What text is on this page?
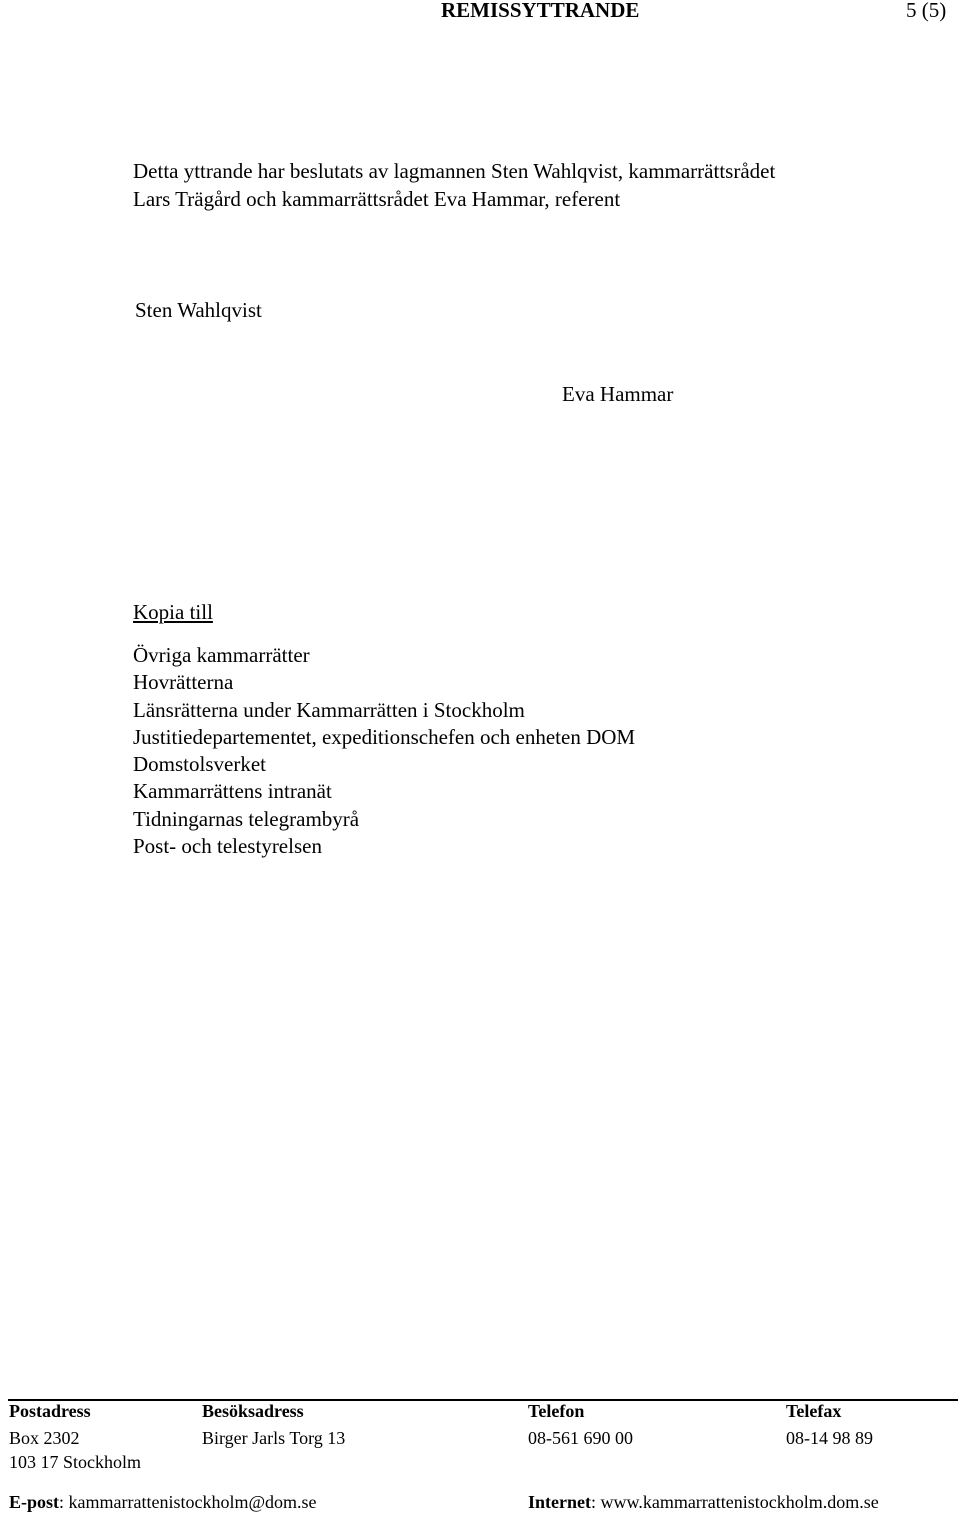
REMISSYTTRANDE	5 (5)
Detta yttrande har beslutats av lagmannen Sten Wahlqvist, kammarrättsrådet
Lars Trägård och kammarrättsrådet Eva Hammar, referent
Sten Wahlqvist
Eva Hammar
Kopia till
Övriga kammarrätter
Hovrätterna
Länsrätterna under Kammarrätten i Stockholm
Justitiedepartementet, expeditionschefen och enheten DOM
Domstolsverket
Kammarrättens intranät
Tidningarnas telegrambyrå
Post- och telestyrelsen
Postadress	Besöksadress	Telefon	Telefax
Box 2302	Birger Jarls Torg 13	08-561 690 00	08-14 98 89
103 17 Stockholm
E-post: kammarrattenistockholm@dom.se	Internet: www.kammarrattenistockholm.dom.se
